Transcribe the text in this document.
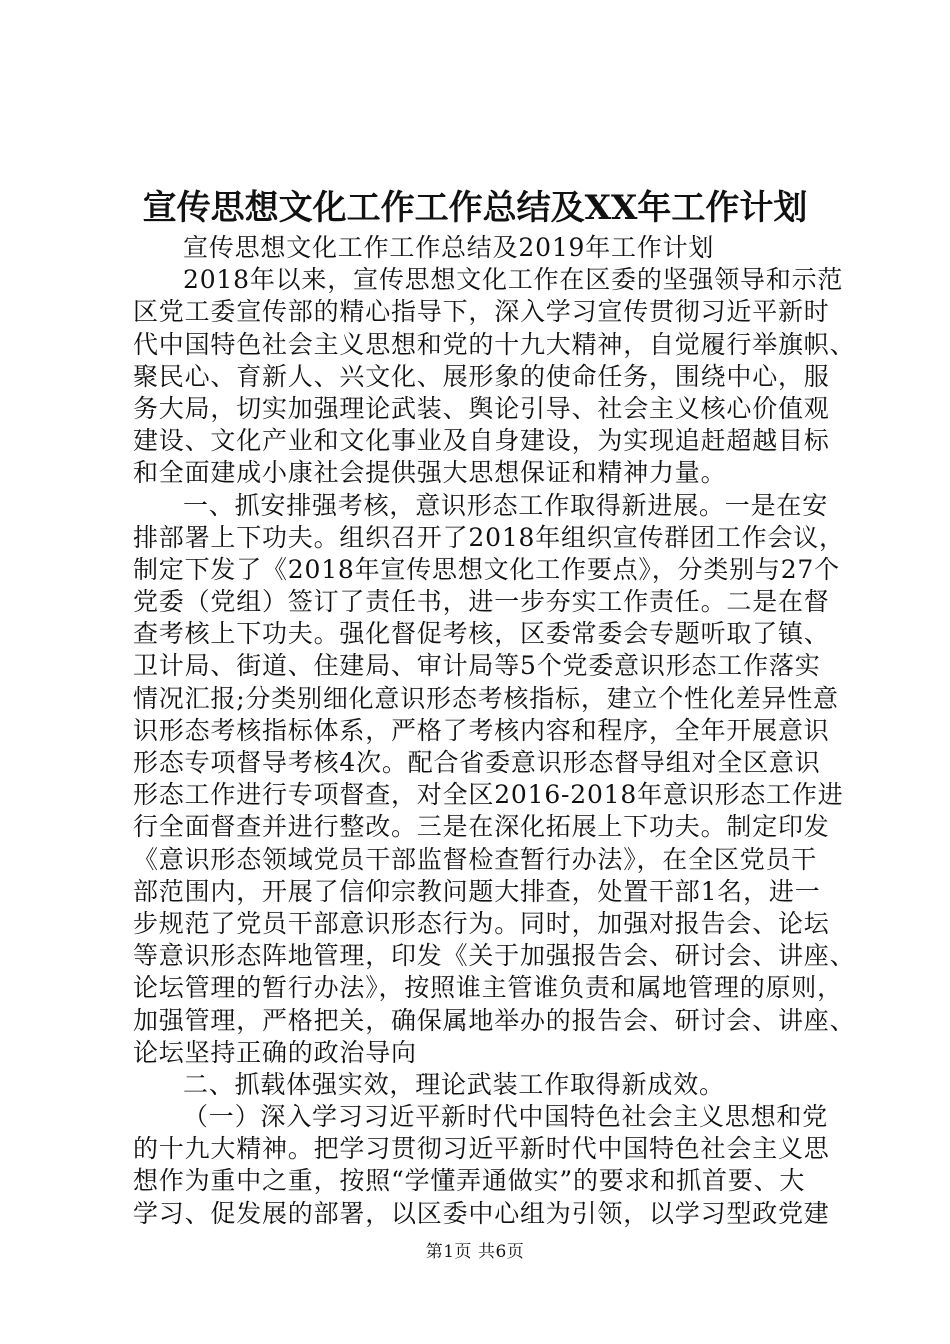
宣传思想文化工作工作总结及XX年工作计划
宣传思想文化工作工作总结及2019年工作计划
2018年以来，宣传思想文化工作在区委的坚强领导和示范
区党工委宣传部的精心指导下，深入学习宣传贯彻习近平新时
代中国特色社会主义思想和党的十九大精神，自觉履行举旗帜、
聚民心、育新人、兴文化、展形象的使命任务，围绕中心，服
务大局，切实加强理论武装、舆论引导、社会主义核心价值观
建设、文化产业和文化事业及自身建设，为实现追赶超越目标
和全面建成小康社会提供强大思想保证和精神力量。
一、抓安排强考核，意识形态工作取得新进展。一是在安
排部署上下功夫。组织召开了2018年组织宣传群团工作会议，
制定下发了《2018年宣传思想文化工作要点》，分类别与27个
党委（党组）签订了责任书，进一步夯实工作责任。二是在督
查考核上下功夫。强化督促考核，区委常委会专题听取了镇、
卫计局、街道、住建局、审计局等5个党委意识形态工作落实
情况汇报;分类别细化意识形态考核指标，建立个性化差异性意
识形态考核指标体系，严格了考核内容和程序，全年开展意识
形态专项督导考核4次。配合省委意识形态督导组对全区意识
形态工作进行专项督查，对全区2016-2018年意识形态工作进
行全面督查并进行整改。三是在深化拓展上下功夫。制定印发
《意识形态领域党员干部监督检查暂行办法》，在全区党员干
部范围内，开展了信仰宗教问题大排查，处置干部1名，进一
步规范了党员干部意识形态行为。同时，加强对报告会、论坛
等意识形态阵地管理，印发《关于加强报告会、研讨会、讲座、
论坛管理的暂行办法》，按照谁主管谁负责和属地管理的原则，
加强管理，严格把关，确保属地举办的报告会、研讨会、讲座、
论坛坚持正确的政治导向
二、抓载体强实效，理论武装工作取得新成效。
（一）深入学习习近平新时代中国特色社会主义思想和党
的十九大精神。把学习贯彻习近平新时代中国特色社会主义思
想作为重中之重，按照“学懂弄通做实”的要求和抓首要、大
学习、促发展的部署，以区委中心组为引领，以学习型政党建
第1页 共6页
